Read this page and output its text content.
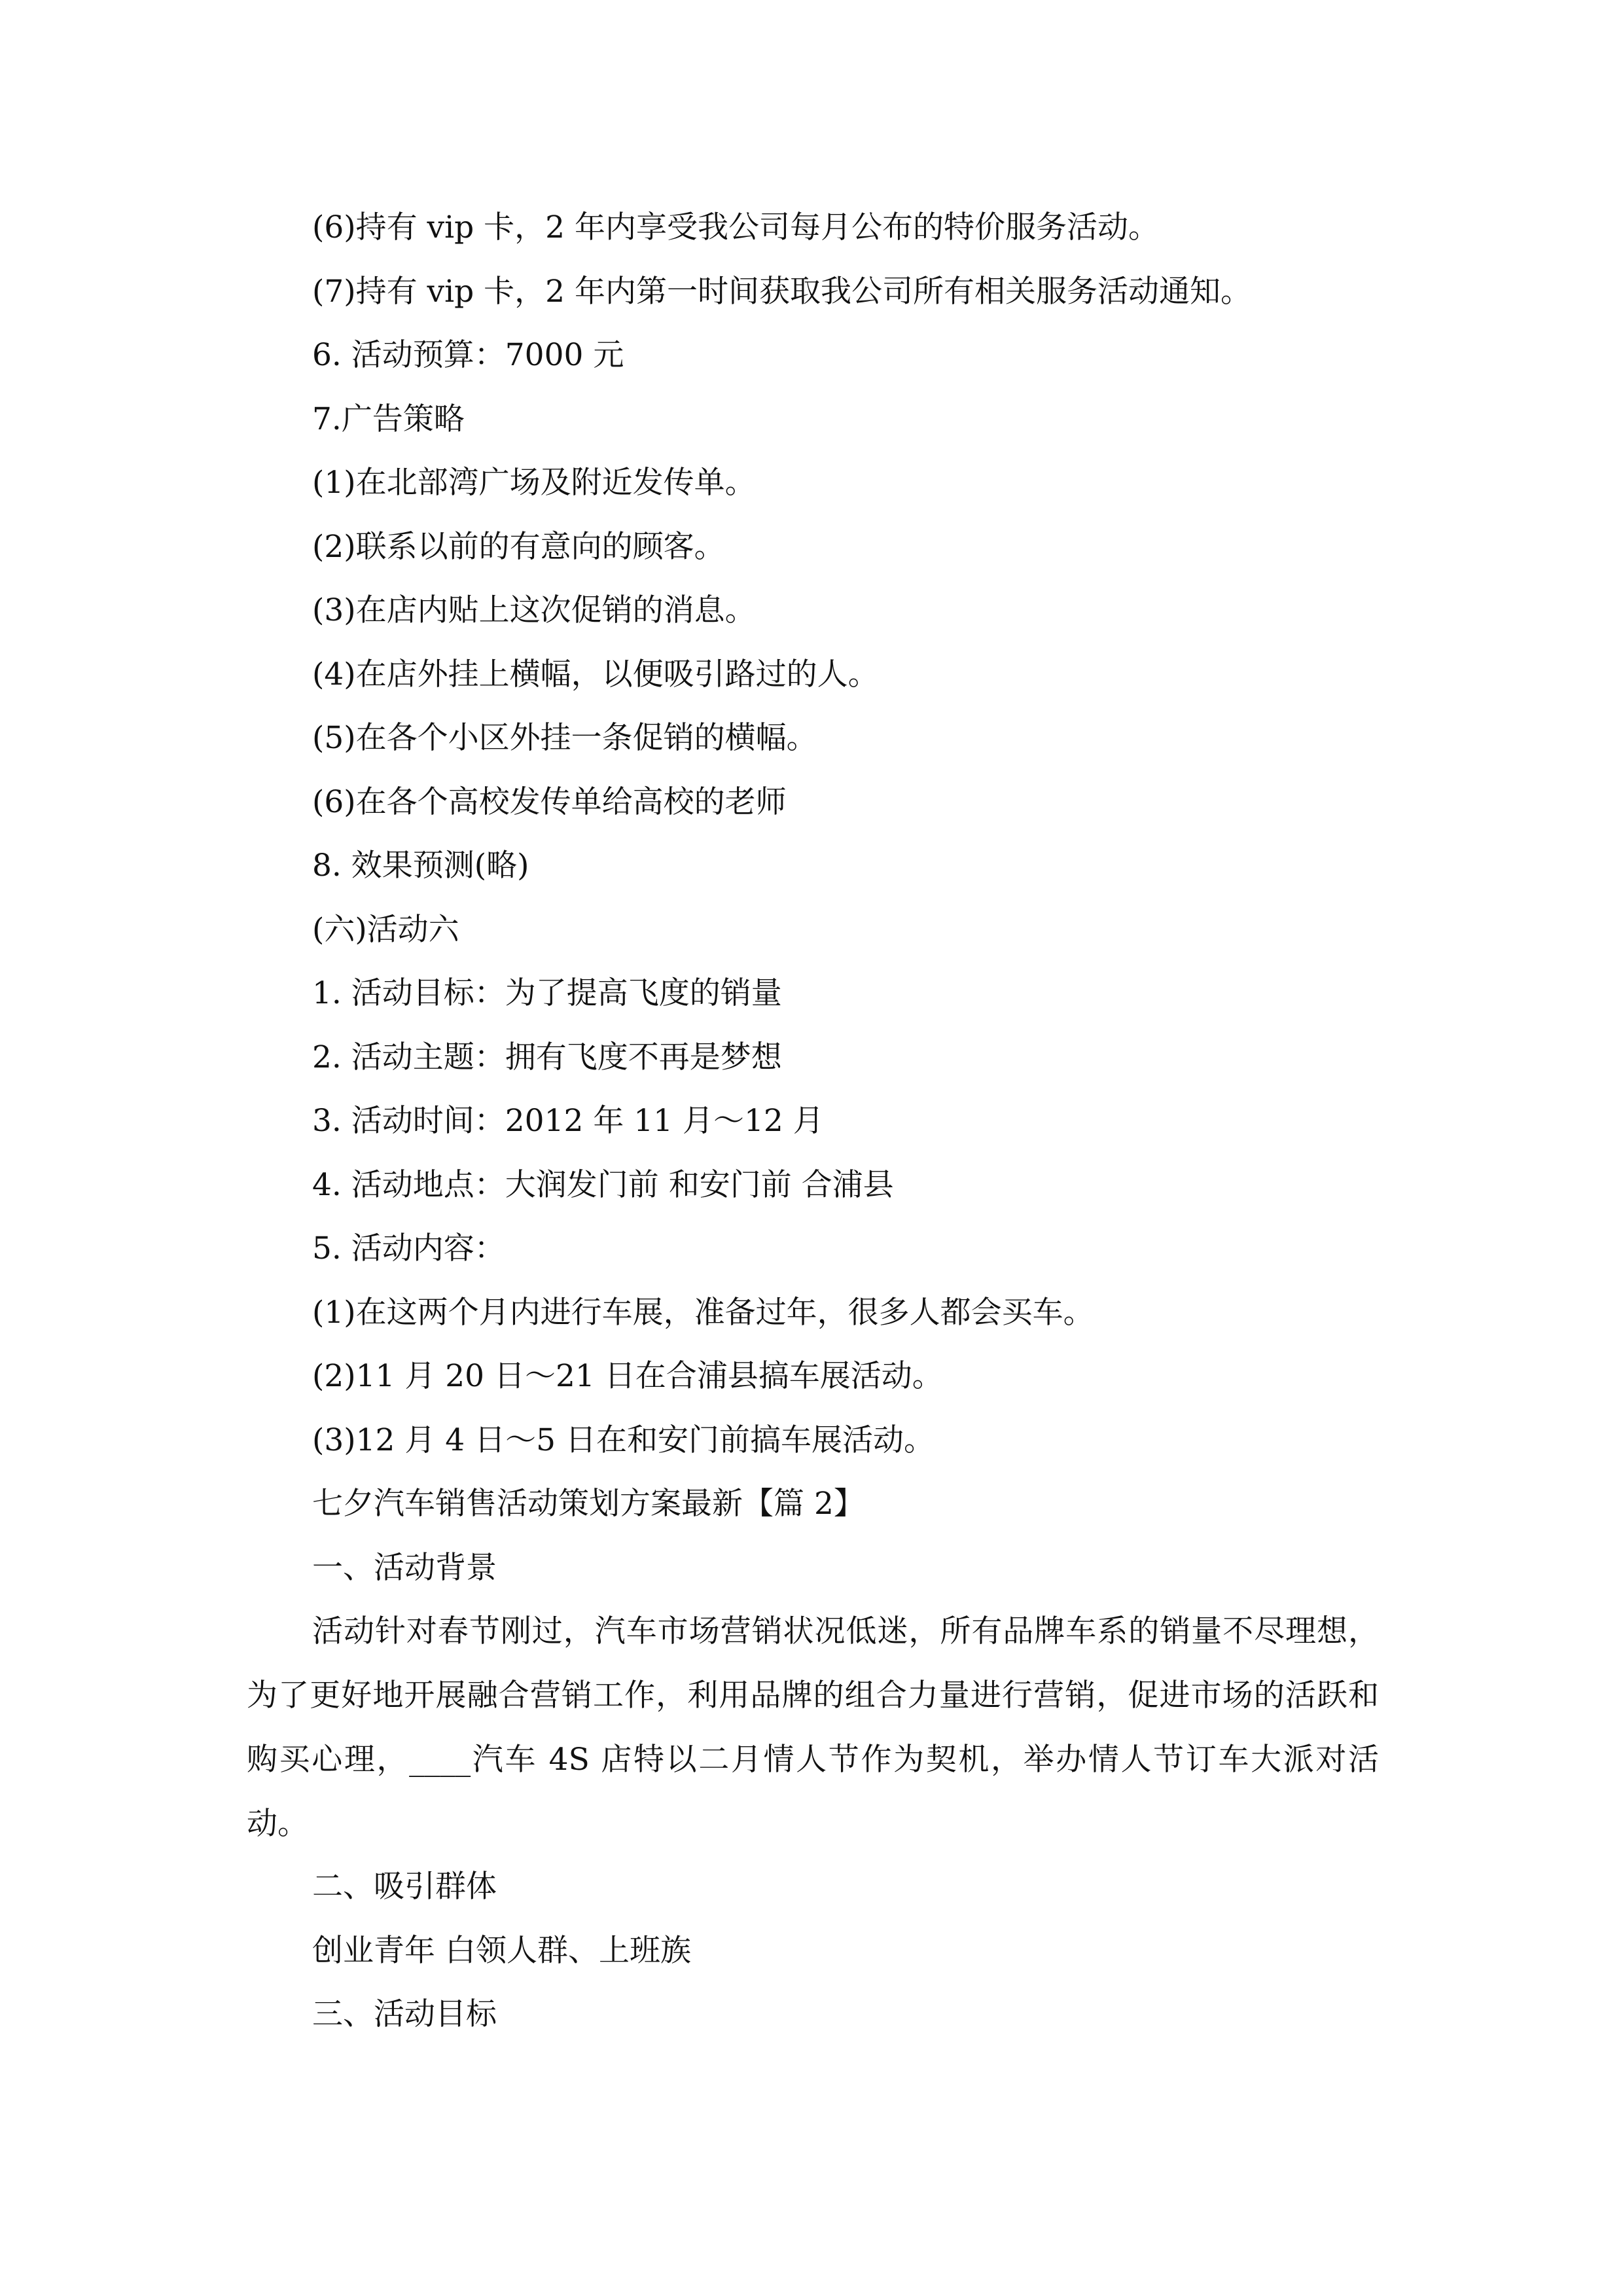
(6)持有 vip 卡，2 年内享受我公司每月公布的特价服务活动。

(7)持有 vip 卡，2 年内第一时间获取我公司所有相关服务活动通知。

6. 活动预算：7000 元

7.广告策略

(1)在北部湾广场及附近发传单。

(2)联系以前的有意向的顾客。

(3)在店内贴上这次促销的消息。

(4)在店外挂上横幅，以便吸引路过的人。

(5)在各个小区外挂一条促销的横幅。

(6)在各个高校发传单给高校的老师

8. 效果预测(略)

(六)活动六

1. 活动目标：为了提高飞度的销量

2. 活动主题：拥有飞度不再是梦想

3. 活动时间：2012 年 11 月～12 月

4. 活动地点：大润发门前 和安门前 合浦县

5. 活动内容：

(1)在这两个月内进行车展，准备过年，很多人都会买车。

(2)11 月 20 日～21 日在合浦县搞车展活动。

(3)12 月 4 日～5 日在和安门前搞车展活动。

七夕汽车销售活动策划方案最新【篇 2】

一、活动背景

活动针对春节刚过，汽车市场营销状况低迷，所有品牌车系的销量不尽理想，为了更好地开展融合营销工作，利用品牌的组合力量进行营销，促进市场的活跃和购买心理，____汽车 4S 店特以二月情人节作为契机，举办情人节订车大派对活动。

二、吸引群体

创业青年 白领人群、上班族

三、活动目标
